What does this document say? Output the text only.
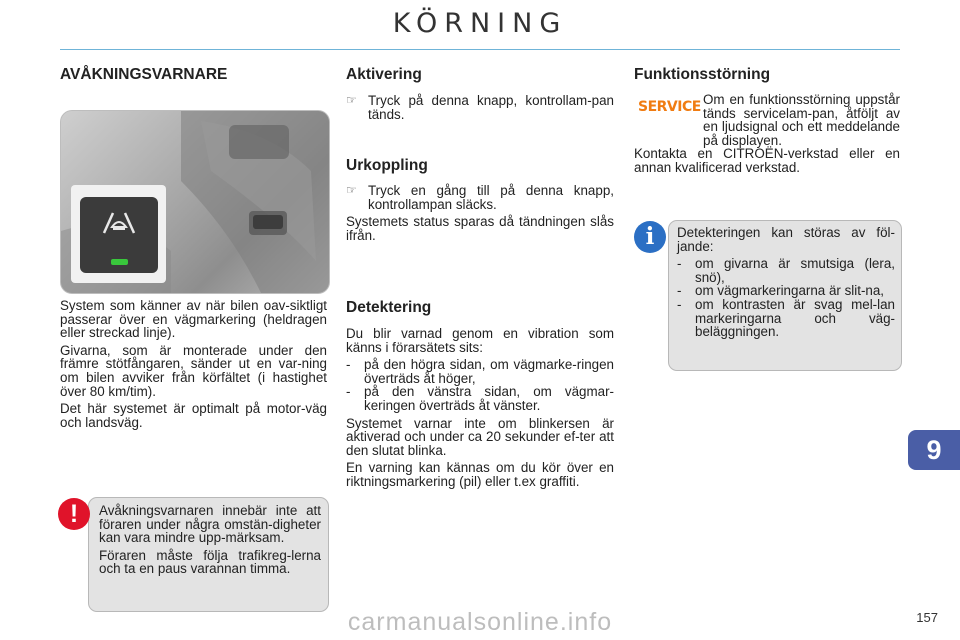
KÖRNING
AVÅKNINGSVARNARE

System som känner av när bilen oav-siktligt passerar över en vägmarkering (heldragen eller streckad linje).

Givarna, som är monterade under den främre stötfångaren, sänder ut en var-ning om bilen avviker från körfältet (i hastighet över 80 km/tim).

Det här systemet är optimalt på motor-väg och landsväg.

Avåkningsvarnaren innebär inte att föraren under några omstän-digheter kan vara mindre upp-märksam.

Föraren måste följa trafikreg-lerna och ta en paus varannan timma.

!
Aktivering
☞ Tryck på denna knapp, kontrollam-pan tänds.
Urkoppling
☞ Tryck en gång till på denna knapp, kontrollampan släcks.

Systemets status sparas då tändningen slås ifrån.

Detektering

Du blir varnad genom en vibration som känns i förarsätets sits:

-	på den högra sidan, om vägmarke-ringen överträds åt höger,
-	på den vänstra sidan, om vägmar-keringen överträds åt vänster.

Systemet varnar inte om blinkersen är aktiverad och under ca 20 sekunder ef-ter att den slutat blinka.

En varning kan kännas om du kör över en riktningsmarkering (pil) eller t.ex graffiti.

Funktionsstörning
SERVICE Om en funktionsstörning uppstår tänds servicelam-pan, åtföljt av en ljudsignal och ett meddelande på displayen.

Kontakta en CITROËN-verkstad eller en annan kvalificerad verkstad.

Detekteringen kan störas av föl-jande:

-	om givarna är smutsiga (lera, snö),
-	om vägmarkeringarna är slit-na,
-	om kontrasten är svag mel-lan markeringarna och väg-beläggningen.
i
9
carmanualsonline.info	157
